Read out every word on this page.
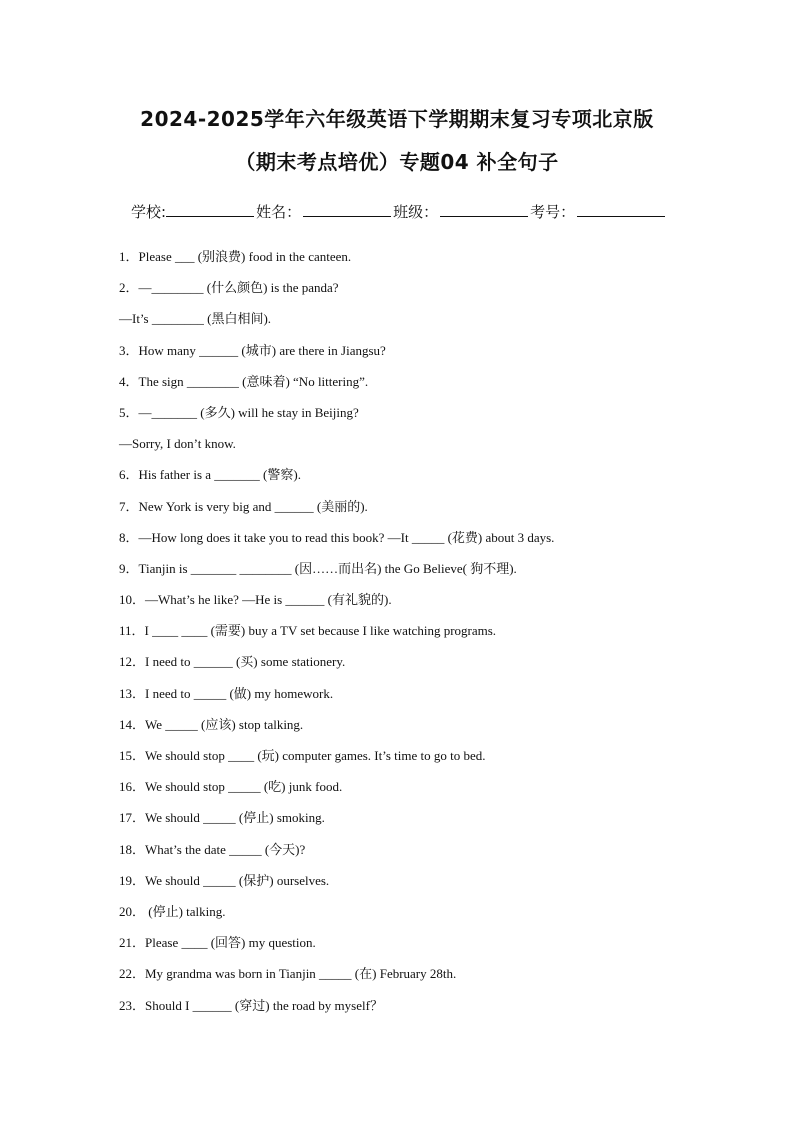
2024-2025学年六年级英语下学期期末复习专项北京版
（期末考点培优）专题04 补全句子
学校:	姓名：	班级：	考号：
1．Please ___ (别浪费) food in the canteen.
2．—________ (什么颜色) is the panda?
—It’s ________ (黑白相间).
3．How many ______ (城市) are there in Jiangsu?
4．The sign ________ (意味着) “No littering”.
5．—_______ (多久) will he stay in Beijing?
—Sorry, I don’t know.
6．His father is a _______ (警察).
7．New York is very big and ______ (美丽的).
8．—How long does it take you to read this book? —It _____ (花费) about 3 days.
9．Tianjin is _______ ________ (因……而出名) the Go Believe( 狗不理).
10．—What’s he like? —He is ______ (有礼貌的).
11．I ____ ____ (需要) buy a TV set because I like watching programs.
12．I need to ______ (买) some stationery.
13．I need to _____ (做) my homework.
14．We _____ (应该) stop talking.
15．We should stop ____ (玩) computer games. It’s time to go to bed.
16．We should stop _____ (吃) junk food.
17．We should _____ (停止) smoking.
18．What’s the date _____ (今天)?
19．We should _____ (保护) ourselves.
20． (停止) talking.
21．Please ____ (回答) my question.
22．My grandma was born in Tianjin _____ (在) February 28th.
23．Should I ______ (穿过) the road by myself？
